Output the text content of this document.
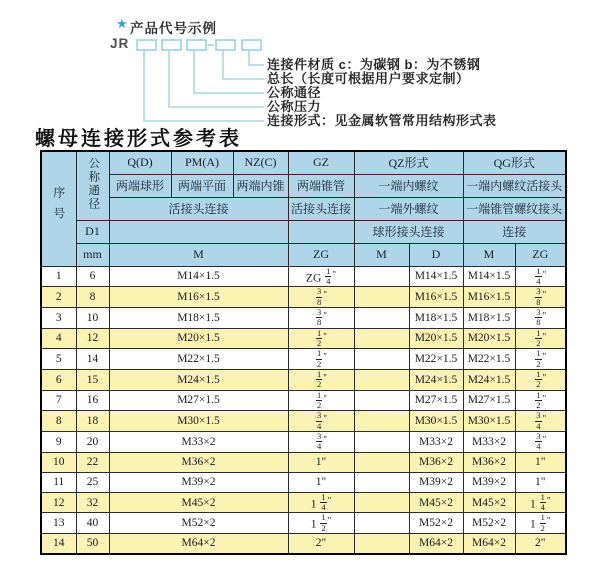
★ 产品代号示例
JR
连接件材质 c：为碳钢 b：为不锈钢
总长（长度可根据用户要求定制）
公称通径
公称压力
连接形式：见金属软管常用结构形式表
螺母连接形式参考表
序号	公称通径	Q(D)	PM(A)	NZ(C)	GZ	QZ形式		QG形式	
		两端球形	两端平面	两端内锥	两端锥管	一端内螺纹		一端内螺纹活接头	
		活接头连接			活接头连接	一端外螺纹		一端锥管螺纹接头	
	D1					球形接头连接		连接	
	mm	M			ZG	M	D	M	ZG
1	6	M14×1.5			ZG $\frac{1}{4} ^"$		M14×1.5	M14×1.5	$\frac{1}{4} ^"$
2	8	M16×1.5			$\frac{3}{8} ^"$		M16×1.5	M16×1.5	$\frac{3}{8} ^"$
3	10	M18×1.5			$\frac{3}{8} ^"$		M18×1.5	M18×1.5	$\frac{3}{8} ^"$
4	12	M20×1.5			$\frac{1}{2} ^"$		M20×1.5	M20×1.5	$\frac{1}{2} ^"$
5	14	M22×1.5			$\frac{1}{2} ^"$		M22×1.5	M22×1.5	$\frac{1}{2} ^"$
6	15	M24×1.5			$\frac{1}{2} ^"$		M24×1.5	M24×1.5	$\frac{1}{2} ^"$
7	16	M27×1.5			$\frac{1}{2} ^"$		M27×1.5	M27×1.5	$\frac{1}{2} ^"$
8	18	M30×1.5			$\frac{3}{4} ^"$		M30×1.5	M30×1.5	$\frac{3}{4} ^"$
9	20	M33×2			$\frac{3}{4} ^"$		M33×2	M33×2	$\frac{3}{4} ^"$
10	22	M36×2			1"		M36×2	M36×2	1"
11	25	M39×2			1"		M39×2	M39×2	1"
12	32	M45×2			$1 \frac{1}{4} ^"$		M45×2	M45×2	$1 \frac{1}{4} ^"$
13	40	M52×2			$1 \frac{1}{2} ^"$		M52×2	M52×2	$1 \frac{1}{2} ^"$
14	50	M64×2			2"		M64×2	M64×2	2"
